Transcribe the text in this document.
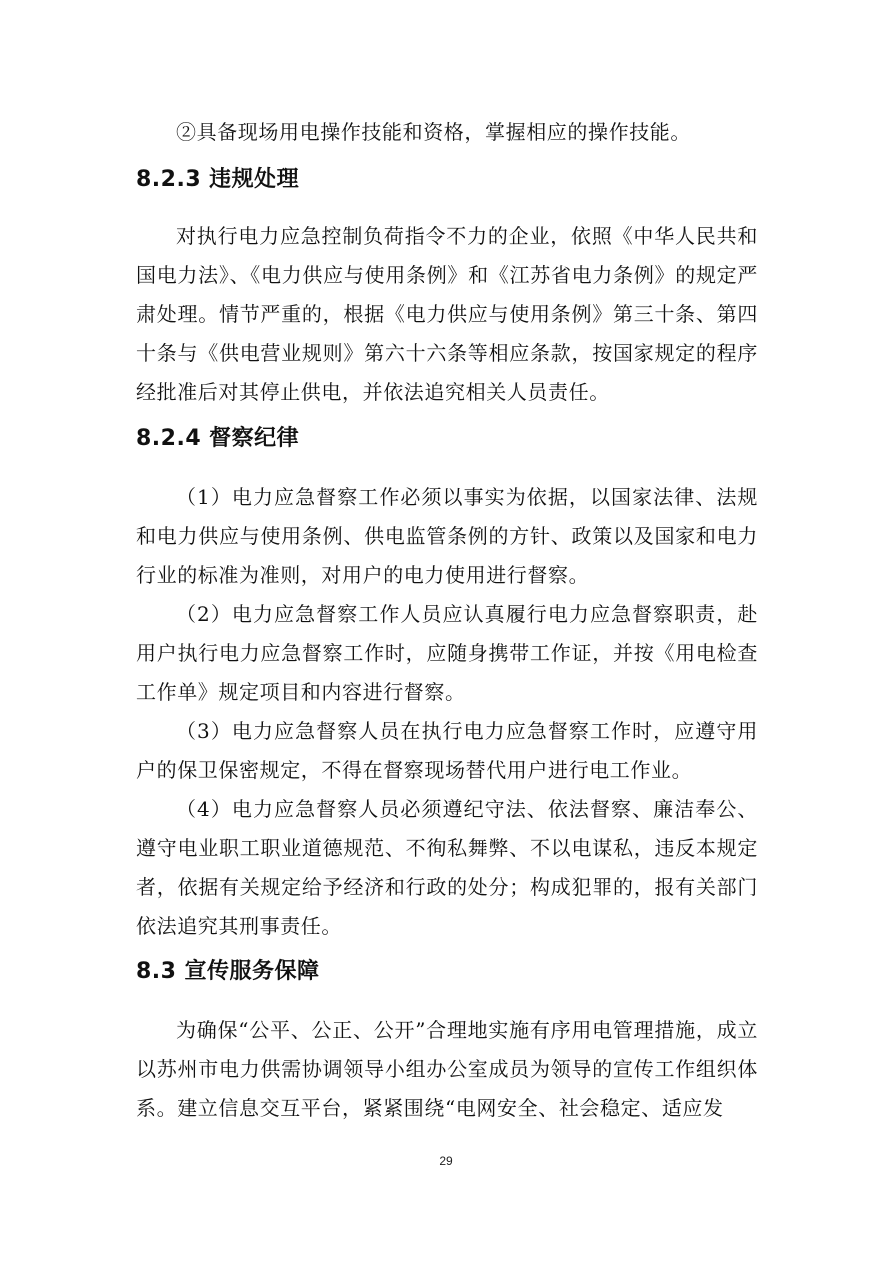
②具备现场用电操作技能和资格，掌握相应的操作技能。

8.2.3 违规处理

对执行电力应急控制负荷指令不力的企业，依照《中华人民共和国电力法》、《电力供应与使用条例》和《江苏省电力条例》的规定严肃处理。情节严重的，根据《电力供应与使用条例》第三十条、第四十条与《供电营业规则》第六十六条等相应条款，按国家规定的程序经批准后对其停止供电，并依法追究相关人员责任。

8.2.4 督察纪律

（1）电力应急督察工作必须以事实为依据，以国家法律、法规和电力供应与使用条例、供电监管条例的方针、政策以及国家和电力行业的标准为准则，对用户的电力使用进行督察。

（2）电力应急督察工作人员应认真履行电力应急督察职责，赴用户执行电力应急督察工作时，应随身携带工作证，并按《用电检查工作单》规定项目和内容进行督察。

（3）电力应急督察人员在执行电力应急督察工作时，应遵守用户的保卫保密规定，不得在督察现场替代用户进行电工作业。

（4）电力应急督察人员必须遵纪守法、依法督察、廉洁奉公、遵守电业职工职业道德规范、不徇私舞弊、不以电谋私，违反本规定者，依据有关规定给予经济和行政的处分；构成犯罪的，报有关部门依法追究其刑事责任。

8.3 宣传服务保障

为确保“公平、公正、公开”合理地实施有序用电管理措施，成立以苏州市电力供需协调领导小组办公室成员为领导的宣传工作组织体系。建立信息交互平台，紧紧围绕“电网安全、社会稳定、适应发

29
